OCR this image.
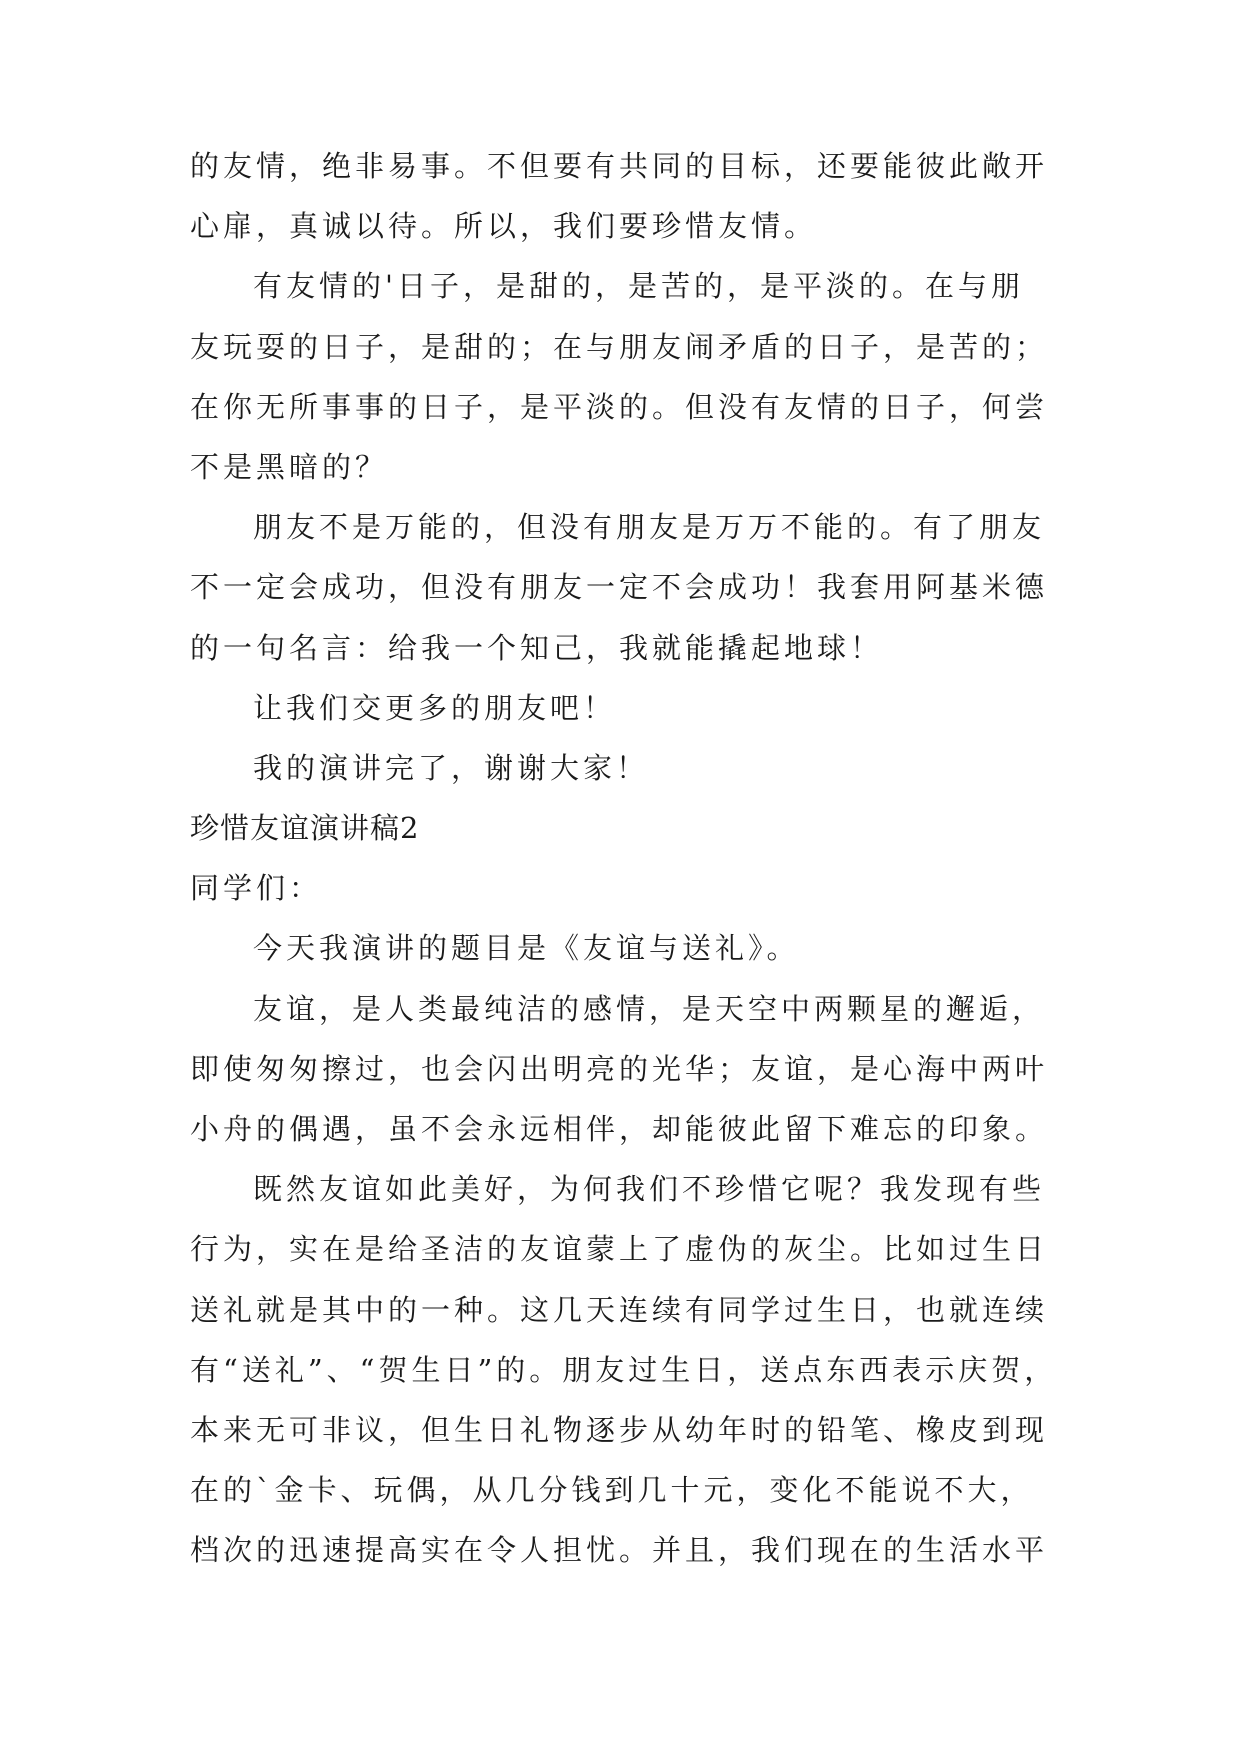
的友情，绝非易事。不但要有共同的目标，还要能彼此敞开
心扉，真诚以待。所以，我们要珍惜友情。
有友情的'日子，是甜的，是苦的，是平淡的。在与朋
友玩耍的日子，是甜的；在与朋友闹矛盾的日子，是苦的；
在你无所事事的日子，是平淡的。但没有友情的日子，何尝
不是黑暗的？
朋友不是万能的，但没有朋友是万万不能的。有了朋友
不一定会成功，但没有朋友一定不会成功！我套用阿基米德
的一句名言：给我一个知己，我就能撬起地球！
让我们交更多的朋友吧！
我的演讲完了，谢谢大家！
珍惜友谊演讲稿2
同学们：
今天我演讲的题目是《友谊与送礼》。
友谊，是人类最纯洁的感情，是天空中两颗星的邂逅，
即使匆匆擦过，也会闪出明亮的光华；友谊，是心海中两叶
小舟的偶遇，虽不会永远相伴，却能彼此留下难忘的印象。
既然友谊如此美好，为何我们不珍惜它呢？我发现有些
行为，实在是给圣洁的友谊蒙上了虚伪的灰尘。比如过生日
送礼就是其中的一种。这几天连续有同学过生日，也就连续
有“送礼”、“贺生日”的。朋友过生日，送点东西表示庆贺，
本来无可非议，但生日礼物逐步从幼年时的铅笔、橡皮到现
在的`金卡、玩偶，从几分钱到几十元，变化不能说不大，
档次的迅速提高实在令人担忧。并且，我们现在的生活水平
